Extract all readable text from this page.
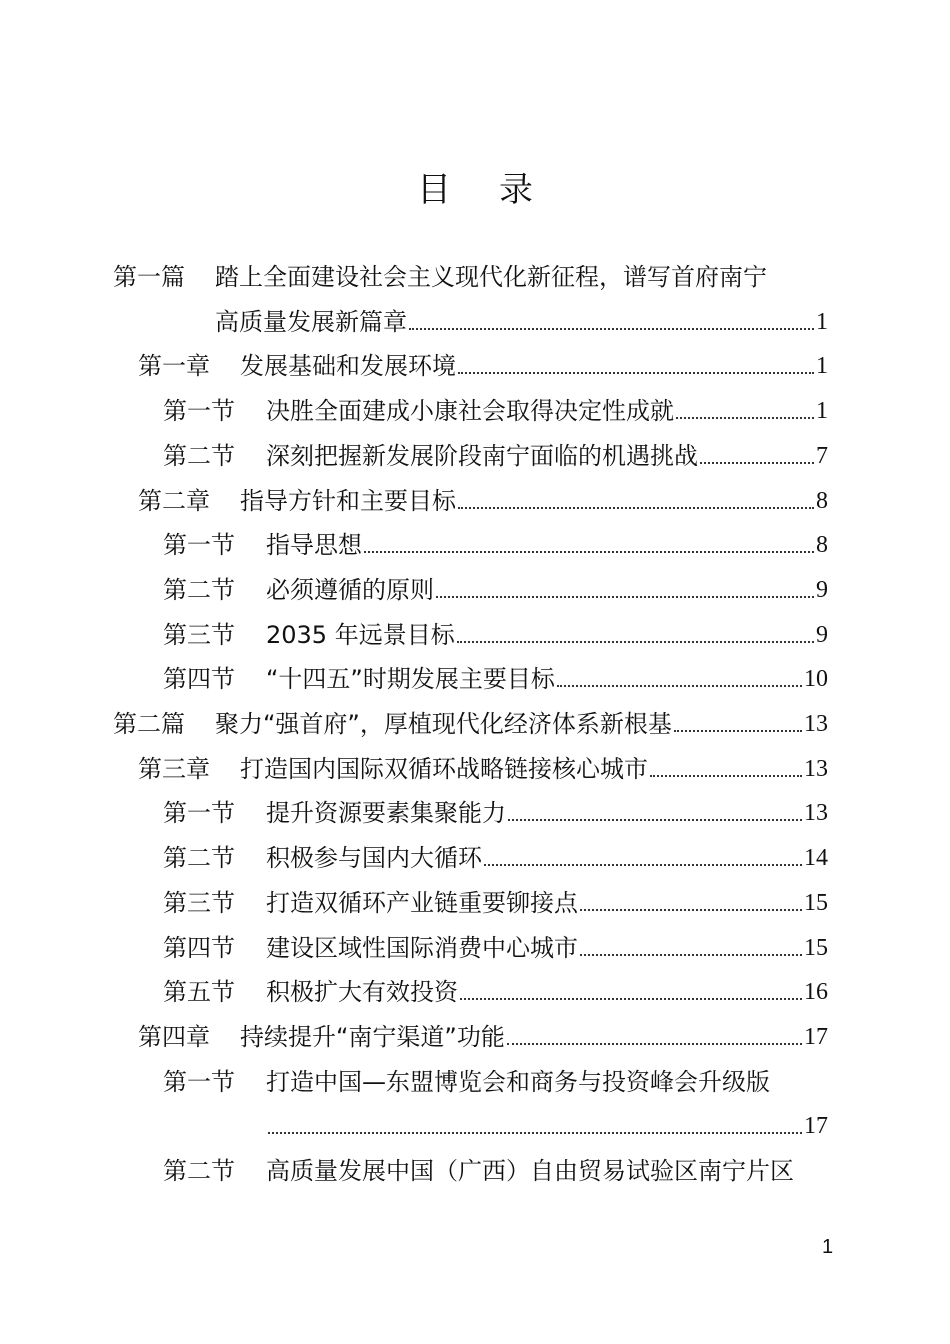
目 录
第一篇	踏上全面建设社会主义现代化新征程，谱写首府南宁
高质量发展新篇章	1
第一章	发展基础和发展环境	1
第一节	决胜全面建成小康社会取得决定性成就	1
第二节	深刻把握新发展阶段南宁面临的机遇挑战	7
第二章	指导方针和主要目标	8
第一节	指导思想	8
第二节	必须遵循的原则	9
第三节	2035 年远景目标	9
第四节	“十四五”时期发展主要目标	10
第二篇	聚力“强首府”，厚植现代化经济体系新根基	13
第三章	打造国内国际双循环战略链接核心城市	13
第一节	提升资源要素集聚能力	13
第二节	积极参与国内大循环	14
第三节	打造双循环产业链重要铆接点	15
第四节	建设区域性国际消费中心城市	15
第五节	积极扩大有效投资	16
第四章	持续提升“南宁渠道”功能	17
第一节	打造中国—东盟博览会和商务与投资峰会升级版
17
第二节	高质量发展中国（广西）自由贸易试验区南宁片区
1
